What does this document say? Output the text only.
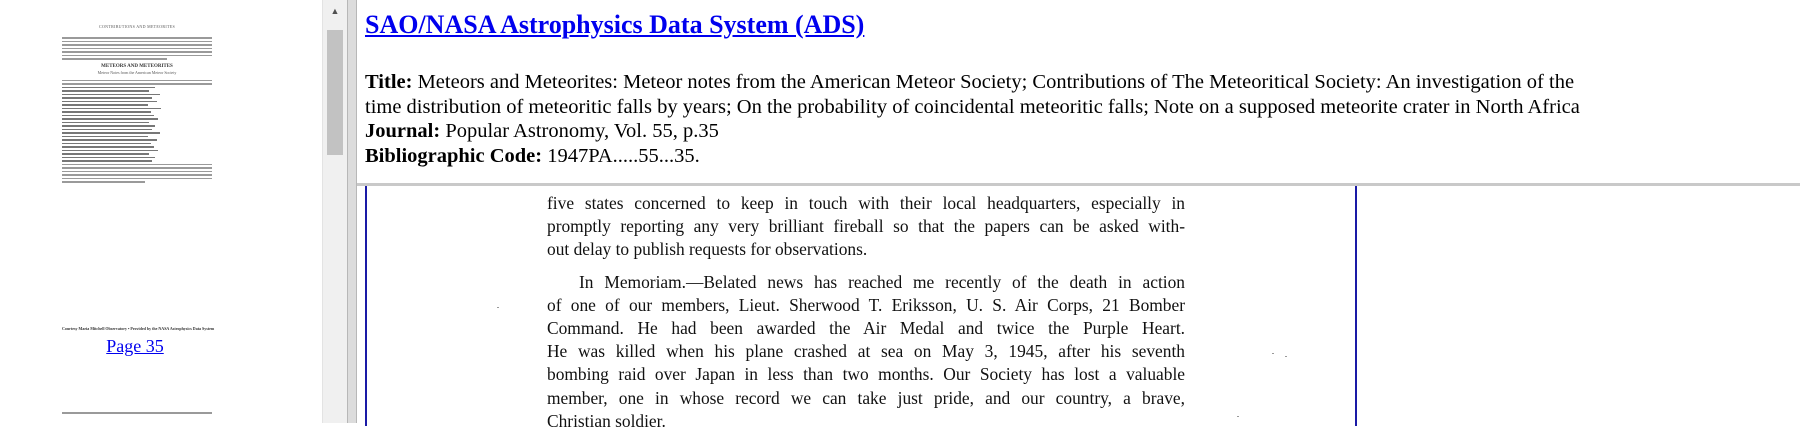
CONTRIBUTIONS AND METEORITES
METEORS AND METEORITES
Meteor Notes from the American Meteor Society
Courtesy Maria Mitchell Observatory • Provided by the NASA Astrophysics Data System
Page 35
▲ SAO/NASA Astrophysics Data System (ADS)
Title: Meteors and Meteorites: Meteor notes from the American Meteor Society; Contributions of The Meteoritical Society: An investigation of the
time distribution of meteoritic falls by years; On the probability of coincidental meteoritic falls; Note on a supposed meteorite crater in North Africa
Journal: Popular Astronomy, Vol. 55, p.35
Bibliographic Code: 1947PA.....55...35.
five states concerned to keep in touch with their local headquarters, especially in
promptly reporting any very brilliant fireball so that the papers can be asked with-
out delay to publish requests for observations.
In Memoriam.—Belated news has reached me recently of the death in action
of one of our members, Lieut. Sherwood T. Eriksson, U. S. Air Corps, 21 Bomber
Command. He had been awarded the Air Medal and twice the Purple Heart.
He was killed when his plane crashed at sea on May 3, 1945, after his seventh
bombing raid over Japan in less than two months. Our Society has lost a valuable
member, one in whose record we can take just pride, and our country, a brave,
Christian soldier.
